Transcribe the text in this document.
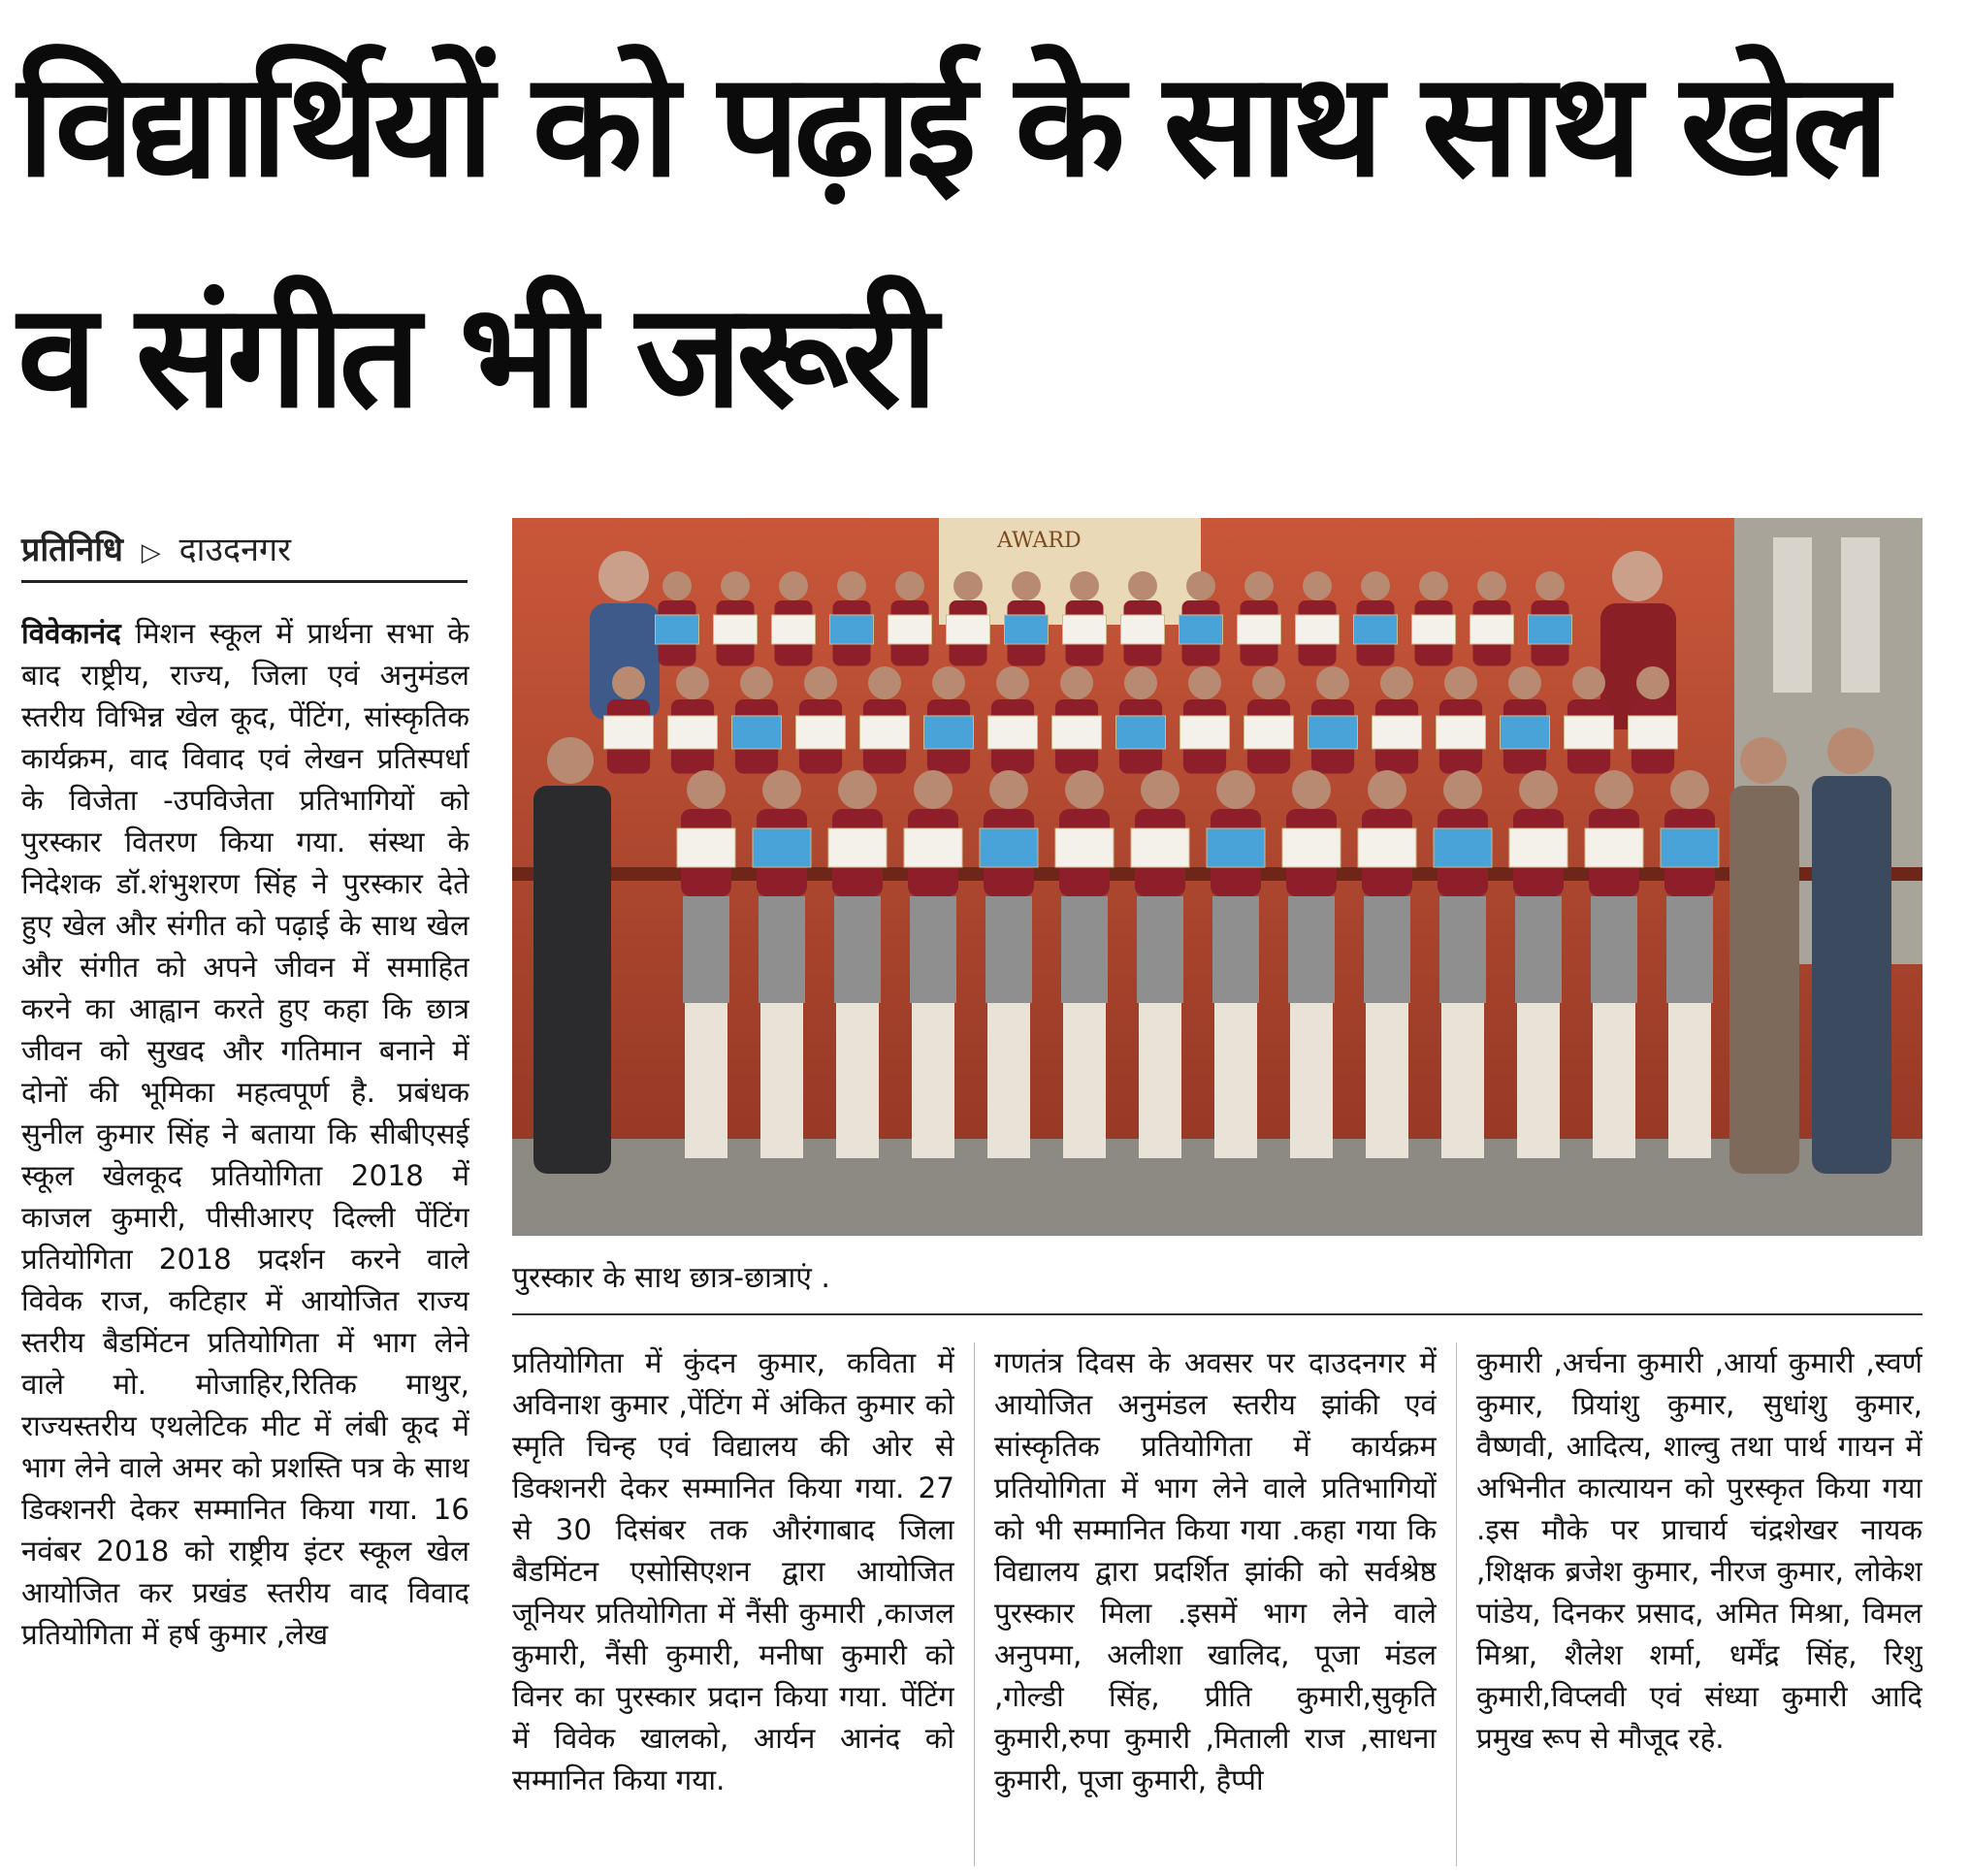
विद्यार्थियों को पढ़ाई के साथ साथ खेल व संगीत भी जरूरी
प्रतिनिधि ▷ दाउदनगर
विवेकानंद मिशन स्कूल में प्रार्थना सभा के बाद राष्ट्रीय, राज्य, जिला एवं अनुमंडल स्तरीय विभिन्न खेल कूद, पेंटिंग, सांस्कृतिक कार्यक्रम, वाद विवाद एवं लेखन प्रतिस्पर्धा के विजेता -उपविजेता प्रतिभागियों को पुरस्कार वितरण किया गया. संस्था के निदेशक डॉ.शंभुशरण सिंह ने पुरस्कार देते हुए खेल और संगीत को पढ़ाई के साथ खेल और संगीत को अपने जीवन में समाहित करने का आह्वान करते हुए कहा कि छात्र जीवन को सुखद और गतिमान बनाने में दोनों की भूमिका महत्वपूर्ण है. प्रबंधक सुनील कुमार सिंह ने बताया कि सीबीएसई स्कूल खेलकूद प्रतियोगिता 2018 में काजल कुमारी, पीसीआरए दिल्ली पेंटिंग प्रतियोगिता 2018 प्रदर्शन करने वाले विवेक राज, कटिहार में आयोजित राज्य स्तरीय बैडमिंटन प्रतियोगिता में भाग लेने वाले मो. मोजाहिर,रितिक माथुर, राज्यस्तरीय एथलेटिक मीट में लंबी कूद में भाग लेने वाले अमर को प्रशस्ति पत्र के साथ डिक्शनरी देकर सम्मानित किया गया. 16 नवंबर 2018 को राष्ट्रीय इंटर स्कूल खेल आयोजित कर प्रखंड स्तरीय वाद विवाद प्रतियोगिता में हर्ष कुमार ,लेख
AWARD
पुरस्कार के साथ छात्र-छात्राएं .
प्रतियोगिता में कुंदन कुमार, कविता में अविनाश कुमार ,पेंटिंग में अंकित कुमार को स्मृति चिन्ह एवं विद्यालय की ओर से डिक्शनरी देकर सम्मानित किया गया. 27 से 30 दिसंबर तक औरंगाबाद जिला बैडमिंटन एसोसिएशन द्वारा आयोजित जूनियर प्रतियोगिता में नैंसी कुमारी ,काजल कुमारी, नैंसी कुमारी, मनीषा कुमारी को विनर का पुरस्कार प्रदान किया गया. पेंटिंग में विवेक खालको, आर्यन आनंद को सम्मानित किया गया.
गणतंत्र दिवस के अवसर पर दाउदनगर में आयोजित अनुमंडल स्तरीय झांकी एवं सांस्कृतिक प्रतियोगिता में कार्यक्रम प्रतियोगिता में भाग लेने वाले प्रतिभागियों को भी सम्मानित किया गया .कहा गया कि विद्यालय द्वारा प्रदर्शित झांकी को सर्वश्रेष्ठ पुरस्कार मिला .इसमें भाग लेने वाले अनुपमा, अलीशा खालिद, पूजा मंडल ,गोल्डी सिंह, प्रीति कुमारी,सुकृति कुमारी,रुपा कुमारी ,मिताली राज ,साधना कुमारी, पूजा कुमारी, हैप्पी
कुमारी ,अर्चना कुमारी ,आर्या कुमारी ,स्वर्ण कुमार, प्रियांशु कुमार, सुधांशु कुमार, वैष्णवी, आदित्य, शाल्वु तथा पार्थ गायन में अभिनीत कात्यायन को पुरस्कृत किया गया .इस मौके पर प्राचार्य चंद्रशेखर नायक ,शिक्षक ब्रजेश कुमार, नीरज कुमार, लोकेश पांडेय, दिनकर प्रसाद, अमित मिश्रा, विमल मिश्रा, शैलेश शर्मा, धर्मेंद्र सिंह, रिशु कुमारी,विप्लवी एवं संध्या कुमारी आदि प्रमुख रूप से मौजूद रहे.
